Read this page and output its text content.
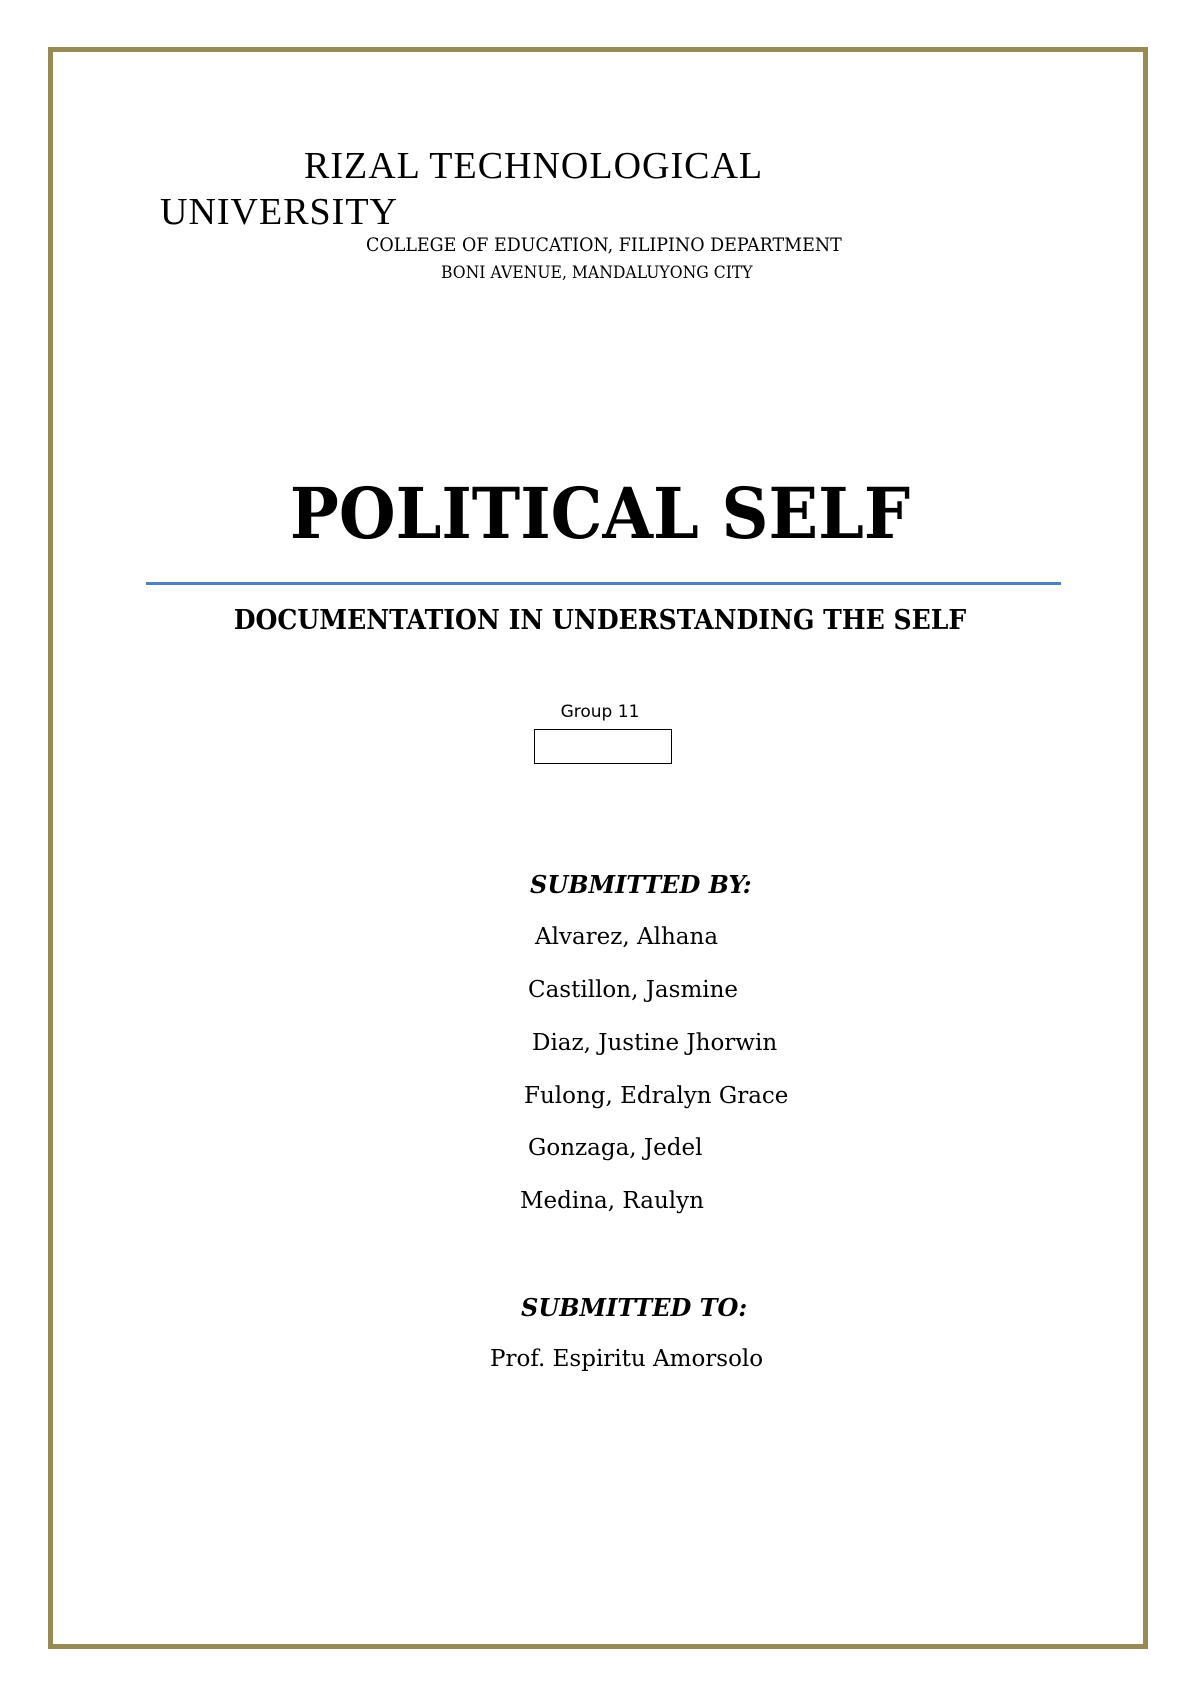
RIZAL TECHNOLOGICAL
UNIVERSITY
COLLEGE OF EDUCATION, FILIPINO DEPARTMENT
BONI AVENUE, MANDALUYONG CITY
POLITICAL SELF
DOCUMENTATION IN UNDERSTANDING THE SELF
Group 11
SUBMITTED BY:
Alvarez, Alhana
Castillon, Jasmine
Diaz, Justine Jhorwin
Fulong, Edralyn Grace
Gonzaga, Jedel
Medina, Raulyn
SUBMITTED TO:
Prof. Espiritu Amorsolo
